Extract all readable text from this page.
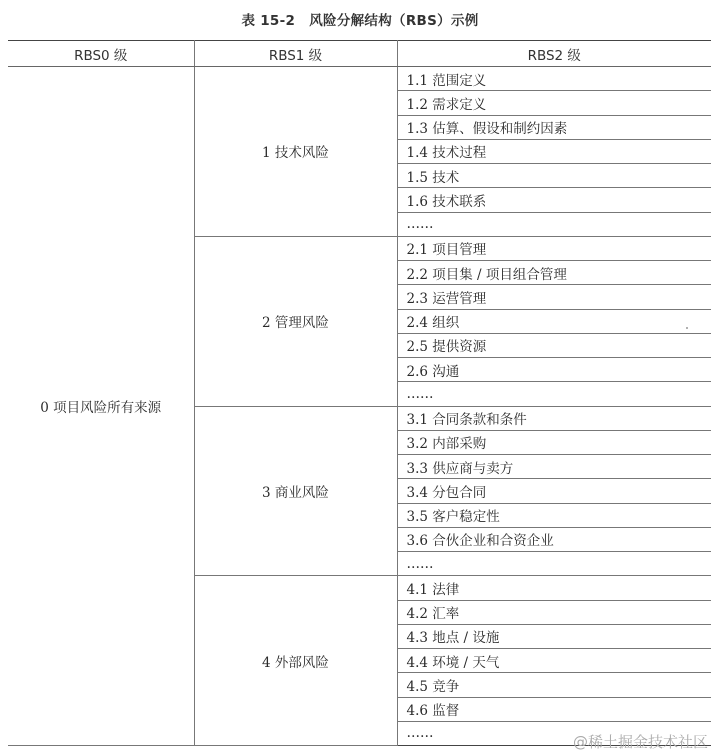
表 15-2 风险分解结构（RBS）示例
RBS0 级	RBS1 级	RBS2 级
0 项目风险所有来源	1 技术风险	1.1 范围定义
		1.2 需求定义
		1.3 估算、假设和制约因素
		1.4 技术过程
		1.5 技术
		1.6 技术联系
		……
	2 管理风险	2.1 项目管理
		2.2 项目集 / 项目组合管理
		2.3 运营管理
		2.4 组织
		2.5 提供资源
		2.6 沟通
		……
	3 商业风险	3.1 合同条款和条件
		3.2 内部采购
		3.3 供应商与卖方
		3.4 分包合同
		3.5 客户稳定性
		3.6 合伙企业和合资企业
		……
	4 外部风险	4.1 法律
		4.2 汇率
		4.3 地点 / 设施
		4.4 环境 / 天气
		4.5 竞争
		4.6 监督
		……	@稀土掘金技术社区
